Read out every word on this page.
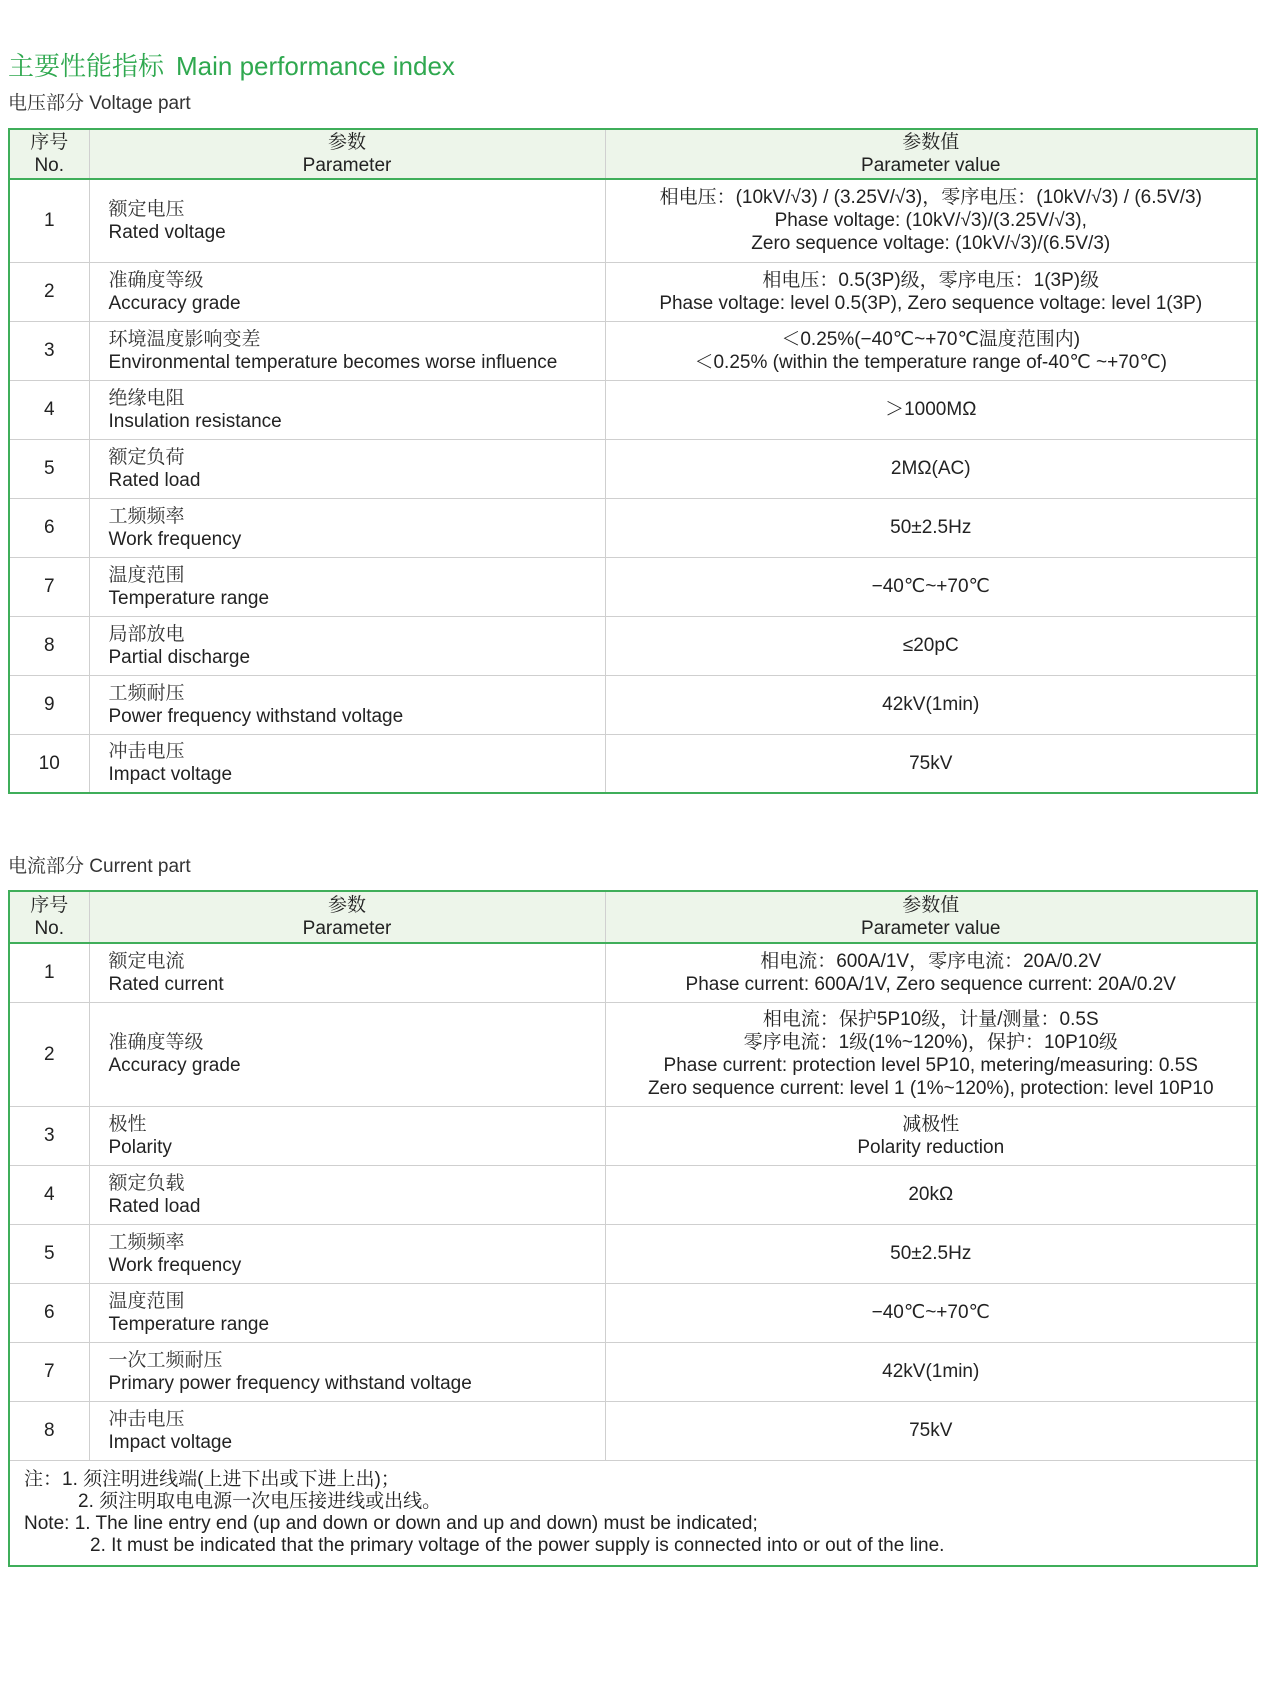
主要性能指标 Main performance index
电压部分 Voltage part
序号
No.	参数
Parameter	参数值
Parameter value

1	额定电压
Rated voltage	相电压：(10kV/√3) / (3.25V/√3)，零序电压：(10kV/√3) / (6.5V/3)
Phase voltage: (10kV/√3)/(3.25V/√3),
Zero sequence voltage: (10kV/√3)/(6.5V/3)

2	准确度等级
Accuracy grade	相电压：0.5(3P)级，零序电压：1(3P)级
Phase voltage: level 0.5(3P), Zero sequence voltage: level 1(3P)

3	环境温度影响变差
Environmental temperature becomes worse influence	＜0.25%(−40℃~+70℃温度范围内)
＜0.25% (within the temperature range of-40℃ ~+70℃)

4	绝缘电阻
Insulation resistance	＞1000MΩ

5	额定负荷
Rated load	2MΩ(AC)

6	工频频率
Work frequency	50±2.5Hz

7	温度范围
Temperature range	−40℃~+70℃

8	局部放电
Partial discharge	≤20pC

9	工频耐压
Power frequency withstand voltage	42kV(1min)

10	冲击电压
Impact voltage	75kV
电流部分 Current part
序号
No.	参数
Parameter	参数值
Parameter value

1	额定电流
Rated current	相电流：600A/1V，零序电流：20A/0.2V
Phase current: 600A/1V, Zero sequence current: 20A/0.2V

2	准确度等级
Accuracy grade	相电流：保护5P10级，计量/测量：0.5S
零序电流：1级(1%~120%)，保护：10P10级
Phase current: protection level 5P10, metering/measuring: 0.5S
Zero sequence current: level 1 (1%~120%), protection: level 10P10

3	极性
Polarity	减极性
Polarity reduction

4	额定负载
Rated load	20kΩ

5	工频频率
Work frequency	50±2.5Hz

6	温度范围
Temperature range	−40℃~+70℃

7	一次工频耐压
Primary power frequency withstand voltage	42kV(1min)

8	冲击电压
Impact voltage	75kV

注：1. 须注明进线端(上进下出或下进上出)；
2. 须注明取电电源一次电压接进线或出线。
Note: 1. The line entry end (up and down or down and up and down) must be indicated;
2. It must be indicated that the primary voltage of the power supply is connected into or out of the line.		
